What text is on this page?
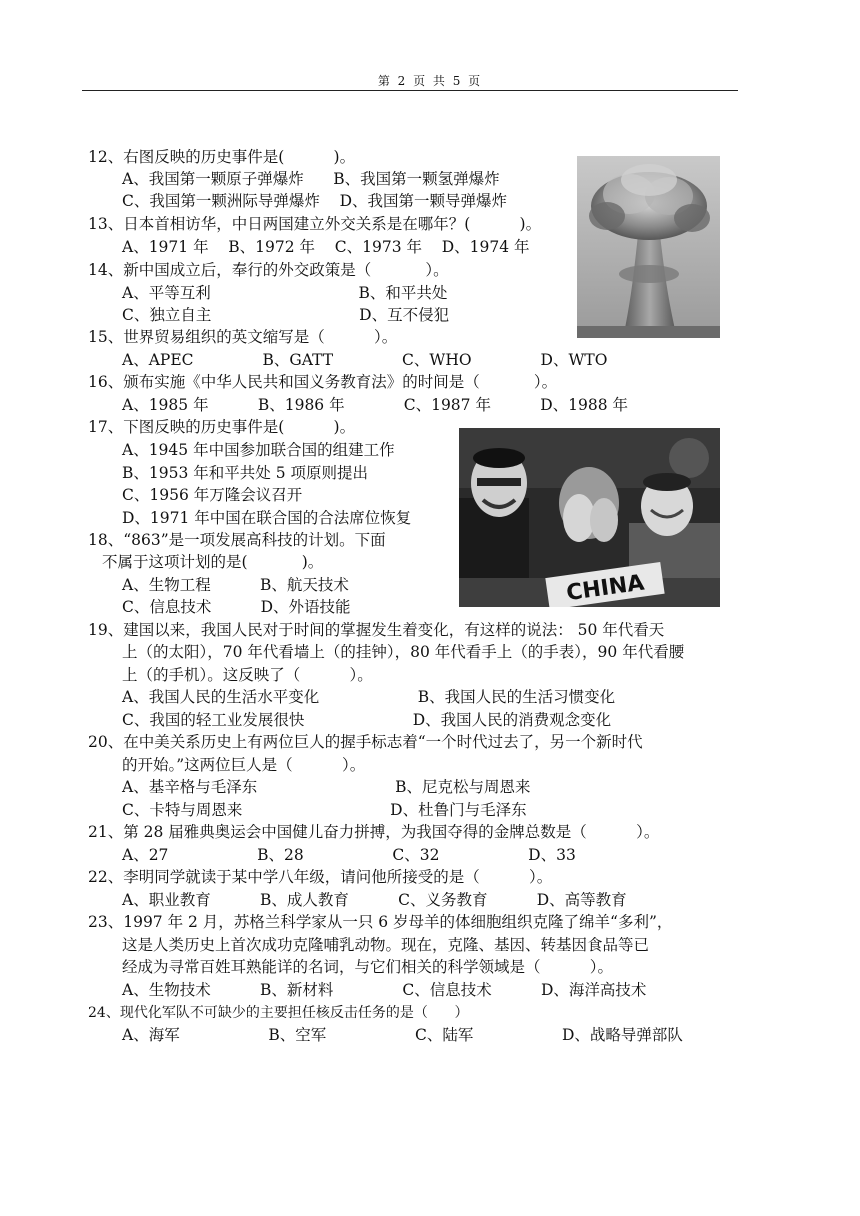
第 2 页 共 5 页
12、右图反映的历史事件是(          )。
A、我国第一颗原子弹爆炸      B、我国第一颗氢弹爆炸
C、我国第一颗洲际导弹爆炸    D、我国第一颗导弹爆炸
13、日本首相访华，中日两国建立外交关系是在哪年？(          )。
A、1971 年    B、1972 年    C、1973 年    D、1974 年
14、新中国成立后，奉行的外交政策是（           ）。
A、平等互利                              B、和平共处
C、独立自主                              D、互不侵犯
15、世界贸易组织的英文缩写是（          ）。
A、APEC              B、GATT              C、WHO              D、WTO
16、颁布实施《中华人民共和国义务教育法》的时间是（           ）。
A、1985 年          B、1986 年            C、1987 年          D、1988 年
17、下图反映的历史事件是(          )。
A、1945 年中国参加联合国的组建工作
B、1953 年和平共处 5 项原则提出
C、1956 年万隆会议召开
D、1971 年中国在联合国的合法席位恢复
18、“863”是一项发展高科技的计划。下面
不属于这项计划的是(           )。
A、生物工程          B、航天技术
C、信息技术          D、外语技能
19、建国以来，我国人民对于时间的掌握发生着变化，有这样的说法： 50 年代看天
上（的太阳），70 年代看墙上（的挂钟），80 年代看手上（的手表），90 年代看腰
上（的手机）。这反映了（          ）。
A、我国人民的生活水平变化                    B、我国人民的生活习惯变化
C、我国的轻工业发展很快                      D、我国人民的消费观念变化
20、在中美关系历史上有两位巨人的握手标志着“一个时代过去了，另一个新时代
的开始。”这两位巨人是（          ）。
A、基辛格与毛泽东                            B、尼克松与周恩来
C、卡特与周恩来                              D、杜鲁门与毛泽东
21、第 28 届雅典奥运会中国健儿奋力拼搏，为我国夺得的金牌总数是（          ）。
A、27                  B、28                  C、32                  D、33
22、李明同学就读于某中学八年级，请问他所接受的是（          ）。
A、职业教育          B、成人教育          C、义务教育          D、高等教育
23、1997 年 2 月，苏格兰科学家从一只 6 岁母羊的体细胞组织克隆了绵羊“多利”，
这是人类历史上首次成功克隆哺乳动物。现在，克隆、基因、转基因食品等已
经成为寻常百姓耳熟能详的名词，与它们相关的科学领域是（          ）。
A、生物技术          B、新材料              C、信息技术          D、海洋高技术
24、现代化军队不可缺少的主要担任核反击任务的是（      ）
A、海军                  B、空军                  C、陆军                  D、战略导弹部队
CHINA
